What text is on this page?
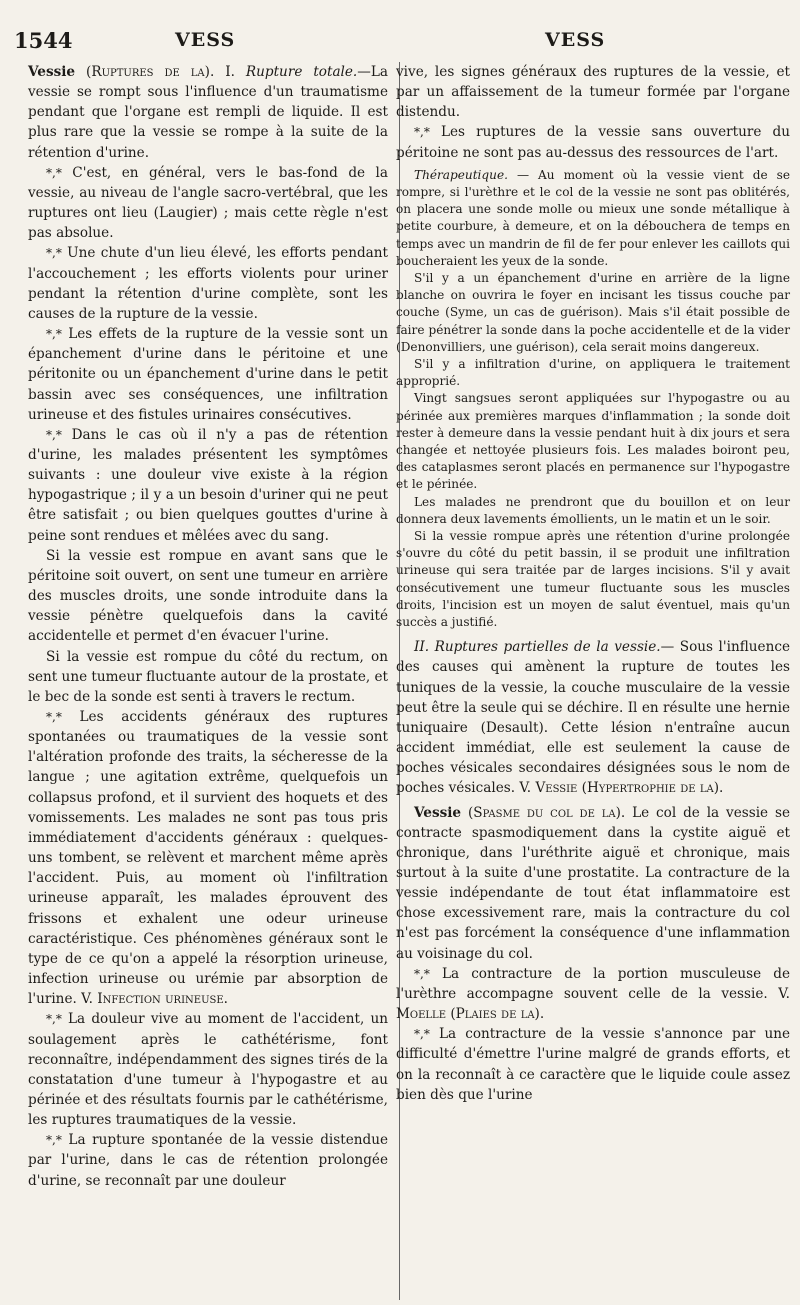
1544	VESS	VESS

Vessie (Ruptures de la). I. Rupture totale.—La vessie se rompt sous l'influence d'un traumatisme pendant que l'organe est rempli de liquide. Il est plus rare que la vessie se rompe à la suite de la rétention d'urine.

*,* C'est, en général, vers le bas-fond de la vessie, au niveau de l'angle sacro-vertébral, que les ruptures ont lieu (Laugier) ; mais cette règle n'est pas absolue.

*,* Une chute d'un lieu élevé, les efforts pendant l'accouchement ; les efforts violents pour uriner pendant la rétention d'urine complète, sont les causes de la rupture de la vessie.

*,* Les effets de la rupture de la vessie sont un épanchement d'urine dans le péritoine et une péritonite ou un épanchement d'urine dans le petit bassin avec ses conséquences, une infiltration urineuse et des fistules urinaires consécutives.

*,* Dans le cas où il n'y a pas de rétention d'urine, les malades présentent les symptômes suivants : une douleur vive existe à la région hypogastrique ; il y a un besoin d'uriner qui ne peut être satisfait ; ou bien quelques gouttes d'urine à peine sont rendues et mêlées avec du sang.

Si la vessie est rompue en avant sans que le péritoine soit ouvert, on sent une tumeur en arrière des muscles droits, une sonde introduite dans la vessie pénètre quelquefois dans la cavité accidentelle et permet d'en évacuer l'urine.

Si la vessie est rompue du côté du rectum, on sent une tumeur fluctuante autour de la prostate, et le bec de la sonde est senti à travers le rectum.

*,* Les accidents généraux des ruptures spontanées ou traumatiques de la vessie sont l'altération profonde des traits, la sécheresse de la langue ; une agitation extrême, quelquefois un collapsus profond, et il survient des hoquets et des vomissements. Les malades ne sont pas tous pris immédiatement d'accidents généraux : quelques-uns tombent, se relèvent et marchent même après l'accident. Puis, au moment où l'infiltration urineuse apparaît, les malades éprouvent des frissons et exhalent une odeur urineuse caractéristique. Ces phénomènes généraux sont le type de ce qu'on a appelé la résorption urineuse, infection urineuse ou urémie par absorption de l'urine. V. Infection urineuse.

*,* La douleur vive au moment de l'accident, un soulagement après le cathétérisme, font reconnaître, indépendamment des signes tirés de la constatation d'une tumeur à l'hypogastre et au périnée et des résultats fournis par le cathétérisme, les ruptures traumatiques de la vessie.

*,* La rupture spontanée de la vessie distendue par l'urine, dans le cas de rétention prolongée d'urine, se reconnaît par une douleur

vive, les signes généraux des ruptures de la vessie, et par un affaissement de la tumeur formée par l'organe distendu.

*,* Les ruptures de la vessie sans ouverture du péritoine ne sont pas au-dessus des ressources de l'art.

Thérapeutique. — Au moment où la vessie vient de se rompre, si l'urèthre et le col de la vessie ne sont pas oblitérés, on placera une sonde molle ou mieux une sonde métallique à petite courbure, à demeure, et on la débouchera de temps en temps avec un mandrin de fil de fer pour enlever les caillots qui boucheraient les yeux de la sonde.

S'il y a un épanchement d'urine en arrière de la ligne blanche on ouvrira le foyer en incisant les tissus couche par couche (Syme, un cas de guérison). Mais s'il était possible de faire pénétrer la sonde dans la poche accidentelle et de la vider (Denonvilliers, une guérison), cela serait moins dangereux.

S'il y a infiltration d'urine, on appliquera le traitement approprié.

Vingt sangsues seront appliquées sur l'hypogastre ou au périnée aux premières marques d'inflammation ; la sonde doit rester à demeure dans la vessie pendant huit à dix jours et sera changée et nettoyée plusieurs fois. Les malades boiront peu, des cataplasmes seront placés en permanence sur l'hypogastre et le périnée.

Les malades ne prendront que du bouillon et on leur donnera deux lavements émollients, un le matin et un le soir.

Si la vessie rompue après une rétention d'urine prolongée s'ouvre du côté du petit bassin, il se produit une infiltration urineuse qui sera traitée par de larges incisions. S'il y avait consécutivement une tumeur fluctuante sous les muscles droits, l'incision est un moyen de salut éventuel, mais qu'un succès a justifié.

II. Ruptures partielles de la vessie.— Sous l'influence des causes qui amènent la rupture de toutes les tuniques de la vessie, la couche musculaire de la vessie peut être la seule qui se déchire. Il en résulte une hernie tuniquaire (Desault). Cette lésion n'entraîne aucun accident immédiat, elle est seulement la cause de poches vésicales secondaires désignées sous le nom de poches vésicales. V. Vessie (Hypertrophie de la).

Vessie (Spasme du col de la). Le col de la vessie se contracte spasmodiquement dans la cystite aiguë et chronique, dans l'uréthrite aiguë et chronique, mais surtout à la suite d'une prostatite. La contracture de la vessie indépendante de tout état inflammatoire est chose excessivement rare, mais la contracture du col n'est pas forcément la conséquence d'une inflammation au voisinage du col.

*,* La contracture de la portion musculeuse de l'urèthre accompagne souvent celle de la vessie. V. Moelle (Plaies de la).

*,* La contracture de la vessie s'annonce par une difficulté d'émettre l'urine malgré de grands efforts, et on la reconnaît à ce caractère que le liquide coule assez bien dès que l'urine
